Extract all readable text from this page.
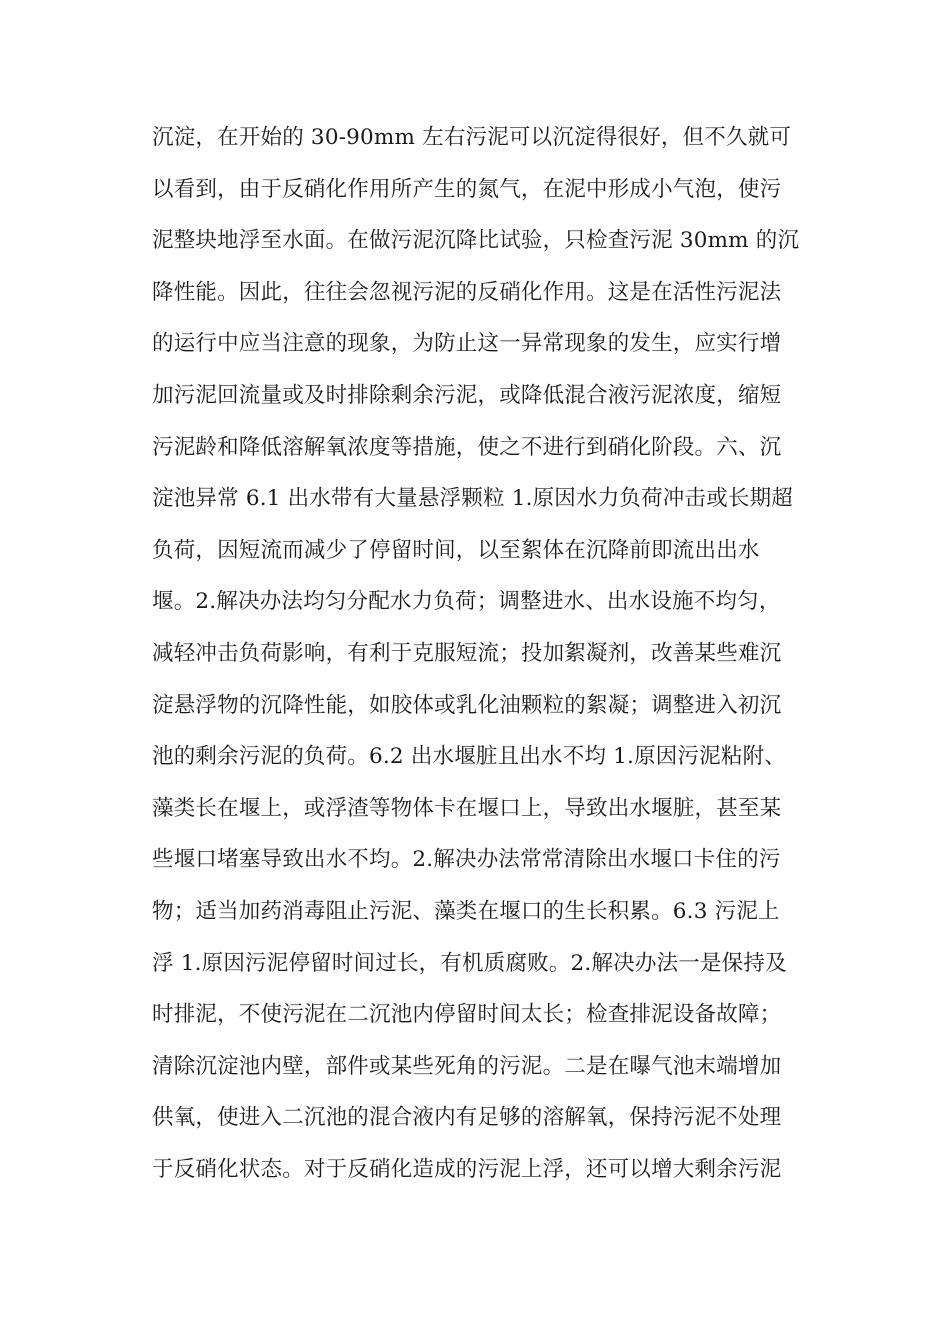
沉淀，在开始的 30-90mm 左右污泥可以沉淀得很好，但不久就可
以看到，由于反硝化作用所产生的氮气，在泥中形成小气泡，使污
泥整块地浮至水面。在做污泥沉降比试验，只检查污泥 30mm 的沉
降性能。因此，往往会忽视污泥的反硝化作用。这是在活性污泥法
的运行中应当注意的现象，为防止这一异常现象的发生，应实行增
加污泥回流量或及时排除剩余污泥，或降低混合液污泥浓度，缩短
污泥龄和降低溶解氧浓度等措施，使之不进行到硝化阶段。六、沉
淀池异常 6.1 出水带有大量悬浮颗粒 1.原因水力负荷冲击或长期超
负荷，因短流而减少了停留时间，以至絮体在沉降前即流出出水
堰。2.解决办法均匀分配水力负荷；调整进水、出水设施不均匀，
减轻冲击负荷影响，有利于克服短流；投加絮凝剂，改善某些难沉
淀悬浮物的沉降性能，如胶体或乳化油颗粒的絮凝；调整进入初沉
池的剩余污泥的负荷。6.2 出水堰脏且出水不均 1.原因污泥粘附、
藻类长在堰上，或浮渣等物体卡在堰口上，导致出水堰脏，甚至某
些堰口堵塞导致出水不均。2.解决办法常常清除出水堰口卡住的污
物；适当加药消毒阻止污泥、藻类在堰口的生长积累。6.3 污泥上
浮 1.原因污泥停留时间过长，有机质腐败。2.解决办法一是保持及
时排泥，不使污泥在二沉池内停留时间太长；检查排泥设备故障；
清除沉淀池内壁，部件或某些死角的污泥。二是在曝气池末端增加
供氧，使进入二沉池的混合液内有足够的溶解氧，保持污泥不处理
于反硝化状态。对于反硝化造成的污泥上浮，还可以增大剩余污泥
